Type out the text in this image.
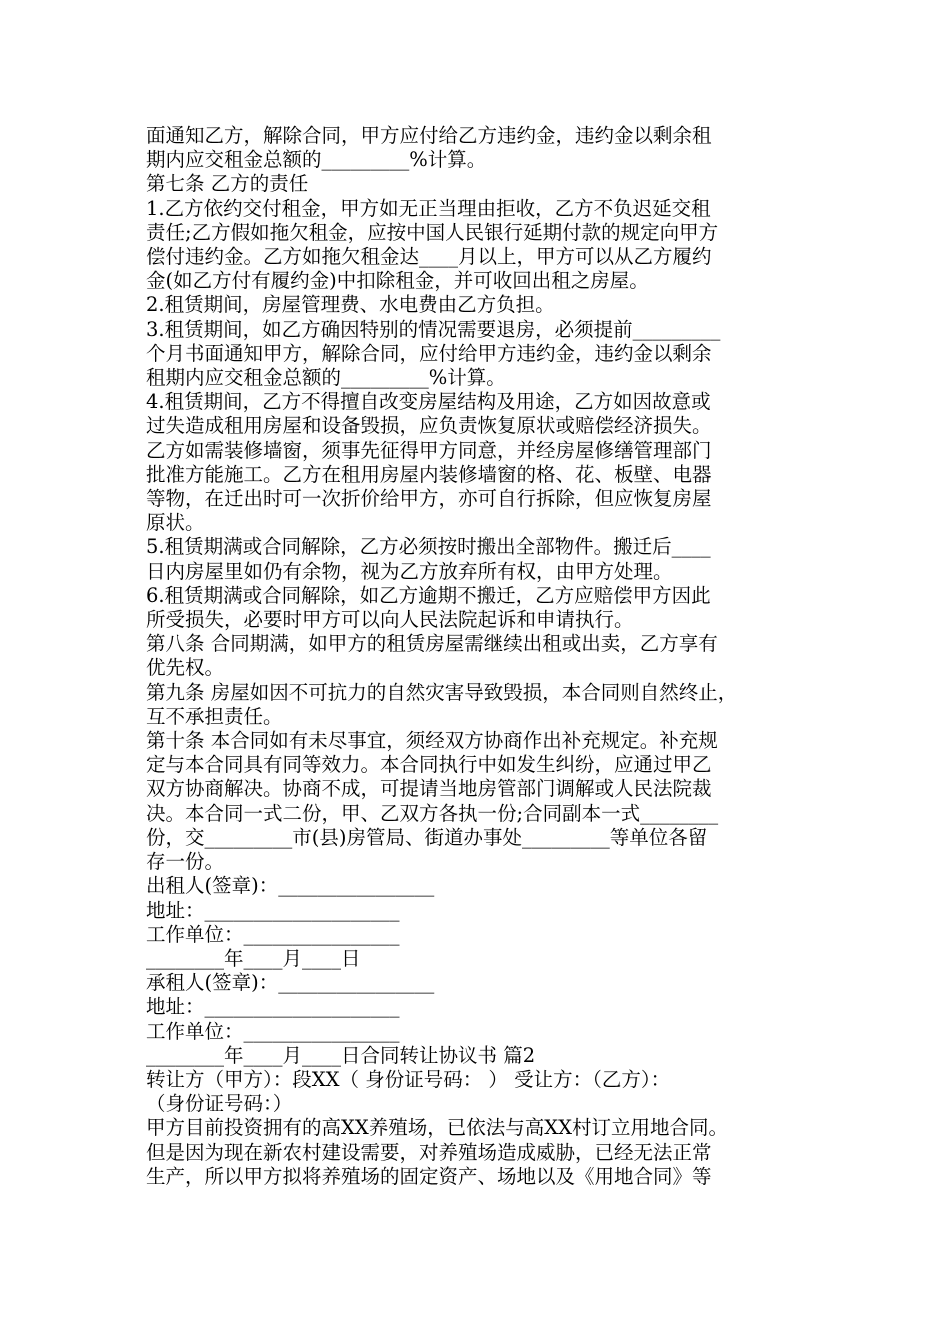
面通知乙方，解除合同，甲方应付给乙方违约金，违约金以剩余租
期内应交租金总额的_________%计算。
第七条 乙方的责任
1.乙方依约交付租金，甲方如无正当理由拒收，乙方不负迟延交租
责任;乙方假如拖欠租金，应按中国人民银行延期付款的规定向甲方
偿付违约金。乙方如拖欠租金达____月以上，甲方可以从乙方履约
金(如乙方付有履约金)中扣除租金，并可收回出租之房屋。
2.租赁期间，房屋管理费、水电费由乙方负担。
3.租赁期间，如乙方确因特别的情况需要退房，必须提前_________
个月书面通知甲方，解除合同，应付给甲方违约金，违约金以剩余
租期内应交租金总额的_________%计算。
4.租赁期间，乙方不得擅自改变房屋结构及用途，乙方如因故意或
过失造成租用房屋和设备毁损，应负责恢复原状或赔偿经济损失。
乙方如需装修墙窗，须事先征得甲方同意，并经房屋修缮管理部门
批准方能施工。乙方在租用房屋内装修墙窗的格、花、板壁、电器
等物，在迁出时可一次折价给甲方，亦可自行拆除，但应恢复房屋
原状。
5.租赁期满或合同解除，乙方必须按时搬出全部物件。搬迁后____
日内房屋里如仍有余物，视为乙方放弃所有权，由甲方处理。
6.租赁期满或合同解除，如乙方逾期不搬迁，乙方应赔偿甲方因此
所受损失，必要时甲方可以向人民法院起诉和申请执行。
第八条 合同期满，如甲方的租赁房屋需继续出租或出卖，乙方享有
优先权。
第九条 房屋如因不可抗力的自然灾害导致毁损，本合同则自然终止，
互不承担责任。
第十条 本合同如有未尽事宜，须经双方协商作出补充规定。补充规
定与本合同具有同等效力。本合同执行中如发生纠纷，应通过甲乙
双方协商解决。协商不成，可提请当地房管部门调解或人民法院裁
决。本合同一式二份，甲、乙双方各执一份;合同副本一式________
份，交_________市(县)房管局、街道办事处_________等单位各留
存一份。
出租人(签章)：________________
地址：____________________
工作单位：________________
________年____月____日
承租人(签章)：________________
地址：____________________
工作单位：________________
________年____月____日合同转让协议书 篇2
转让方（甲方）：段XX（ 身份证号码： ） 受让方：（乙方）：
（身份证号码：）
甲方目前投资拥有的高XX养殖场，已依法与高XX村订立用地合同。
但是因为现在新农村建设需要，对养殖场造成威胁，已经无法正常
生产，所以甲方拟将养殖场的固定资产、场地以及《用地合同》等
